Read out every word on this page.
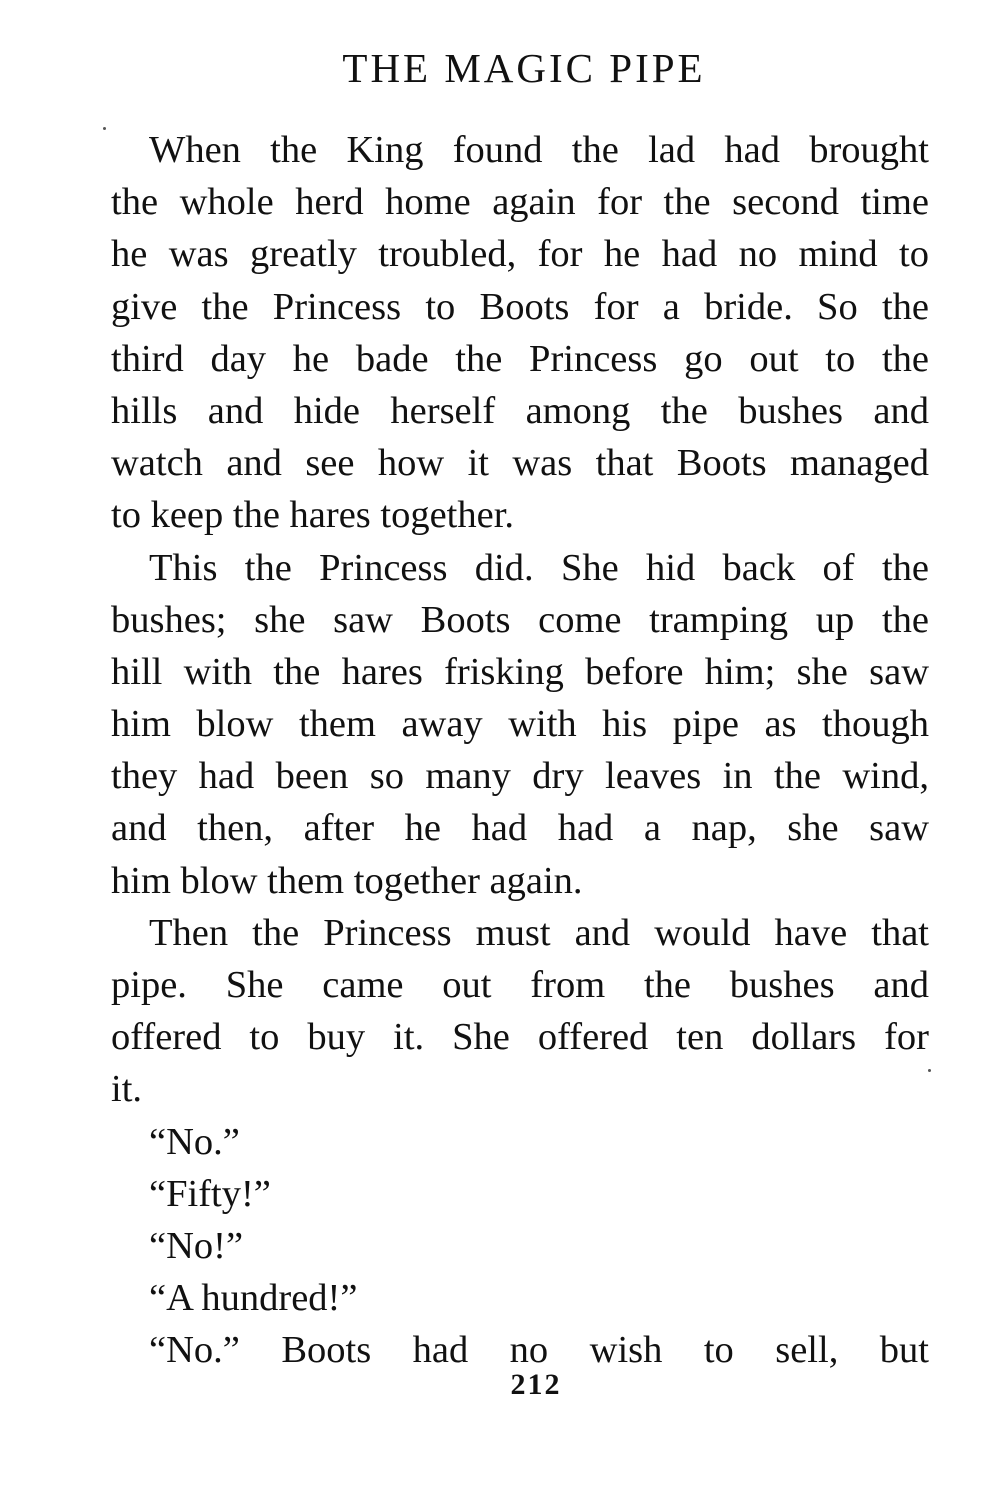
THE MAGIC PIPE
When the King found the lad had brought
the whole herd home again for the second time
he was greatly troubled, for he had no mind to
give the Princess to Boots for a bride. So the
third day he bade the Princess go out to the
hills and hide herself among the bushes and
watch and see how it was that Boots managed
to keep the hares together.
This the Princess did. She hid back of the
bushes; she saw Boots come tramping up the
hill with the hares frisking before him; she saw
him blow them away with his pipe as though
they had been so many dry leaves in the wind,
and then, after he had had a nap, she saw
him blow them together again.
Then the Princess must and would have that
pipe. She came out from the bushes and
offered to buy it. She offered ten dollars for
it.
“No.”
“Fifty!”
“No!”
“A hundred!”
“No.” Boots had no wish to sell, but
212
